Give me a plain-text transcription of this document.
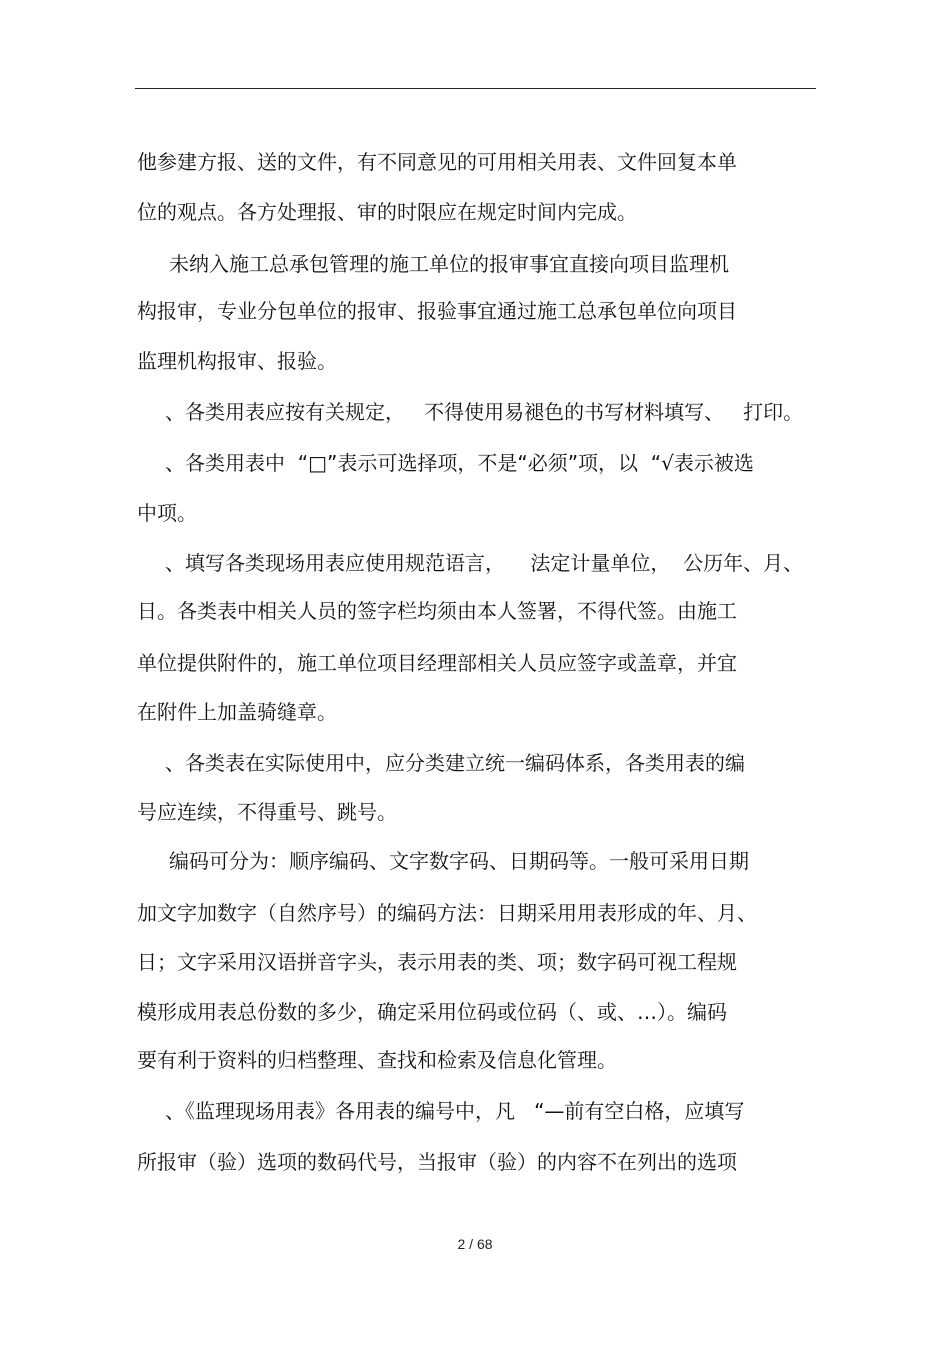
他参建方报、送的文件，有不同意见的可用相关用表、文件回复本单

位的观点。各方处理报、审的时限应在规定时间内完成。

未纳入施工总承包管理的施工单位的报审事宜直接向项目监理机

构报审，专业分包单位的报审、报验事宜通过施工总承包单位向项目

监理机构报审、报验。

、各类用表应按有关规定，   不得使用易褪色的书写材料填写、   打印。

、各类用表中  “□”表示可选择项，不是“必须”项，以  “√表示被选

中项。

、填写各类现场用表应使用规范语言，    法定计量单位，  公历年、月、

日。各类表中相关人员的签字栏均须由本人签署，不得代签。由施工

单位提供附件的，施工单位项目经理部相关人员应签字或盖章，并宜

在附件上加盖骑缝章。

、各类表在实际使用中，应分类建立统一编码体系，各类用表的编

号应连续，不得重号、跳号。

编码可分为：顺序编码、文字数字码、日期码等。一般可采用日期

加文字加数字（自然序号）的编码方法：日期采用用表形成的年、月、

日；文字采用汉语拼音字头，表示用表的类、项；数字码可视工程规

模形成用表总份数的多少，确定采用位码或位码（、或、…）。编码

要有利于资料的归档整理、查找和检索及信息化管理。

、《监理现场用表》各用表的编号中，凡   “—前有空白格，应填写

所报审（验）选项的数码代号，当报审（验）的内容不在列出的选项

2 / 68
